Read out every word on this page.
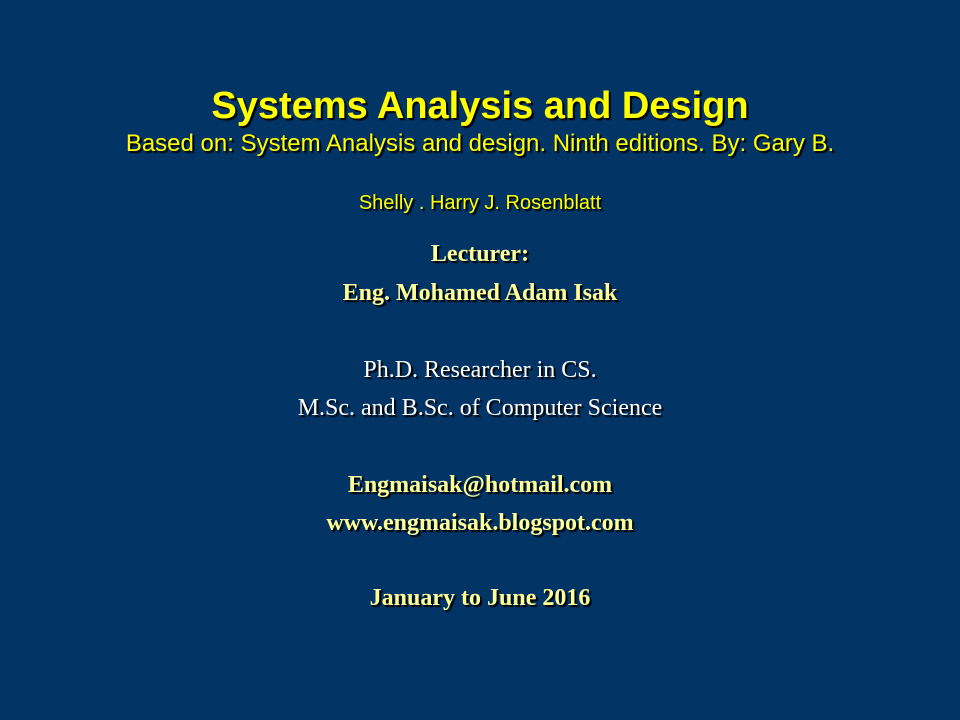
Systems Analysis and Design

Based on: System Analysis and design. Ninth editions. By: Gary B.

Shelly . Harry J. Rosenblatt

Lecturer:

Eng. Mohamed Adam Isak

Ph.D. Researcher in CS.

M.Sc. and B.Sc. of Computer Science

Engmaisak@hotmail.com

www.engmaisak.blogspot.com

January to June 2016
